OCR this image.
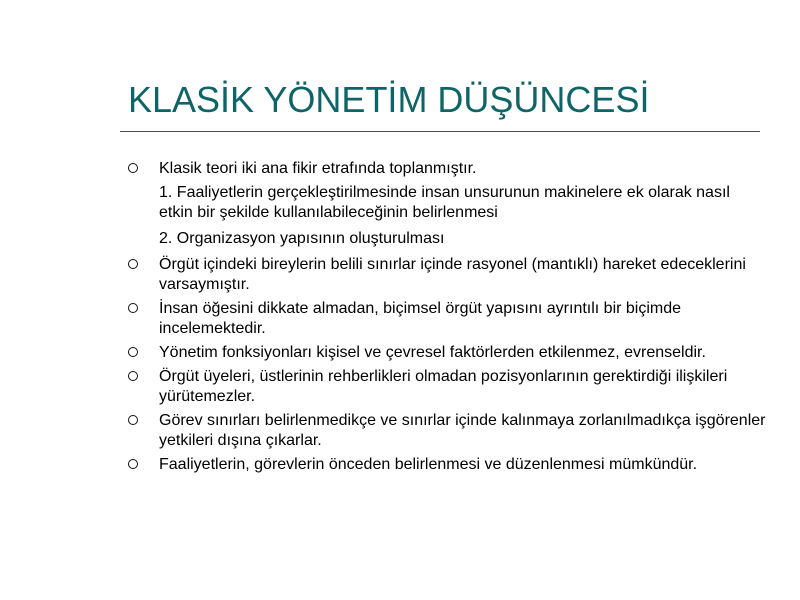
KLASİK YÖNETİM DÜŞÜNCESİ
Klasik teori iki ana fikir etrafında toplanmıştır.
1. Faaliyetlerin gerçekleştirilmesinde insan unsurunun makinelere ek olarak nasıl etkin bir şekilde kullanılabileceğinin belirlenmesi
2. Organizasyon yapısının oluşturulması
Örgüt içindeki bireylerin belili sınırlar içinde rasyonel (mantıklı) hareket edeceklerini varsaymıştır.
İnsan öğesini dikkate almadan, biçimsel örgüt yapısını ayrıntılı bir biçimde incelemektedir.
Yönetim fonksiyonları kişisel ve çevresel faktörlerden etkilenmez, evrenseldir.
Örgüt üyeleri, üstlerinin rehberlikleri olmadan pozisyonlarının gerektirdiği ilişkileri yürütemezler.
Görev sınırları belirlenmedikçe ve sınırlar içinde kalınmaya zorlanılmadıkça işgörenler yetkileri dışına çıkarlar.
Faaliyetlerin, görevlerin önceden belirlenmesi ve düzenlenmesi mümkündür.
